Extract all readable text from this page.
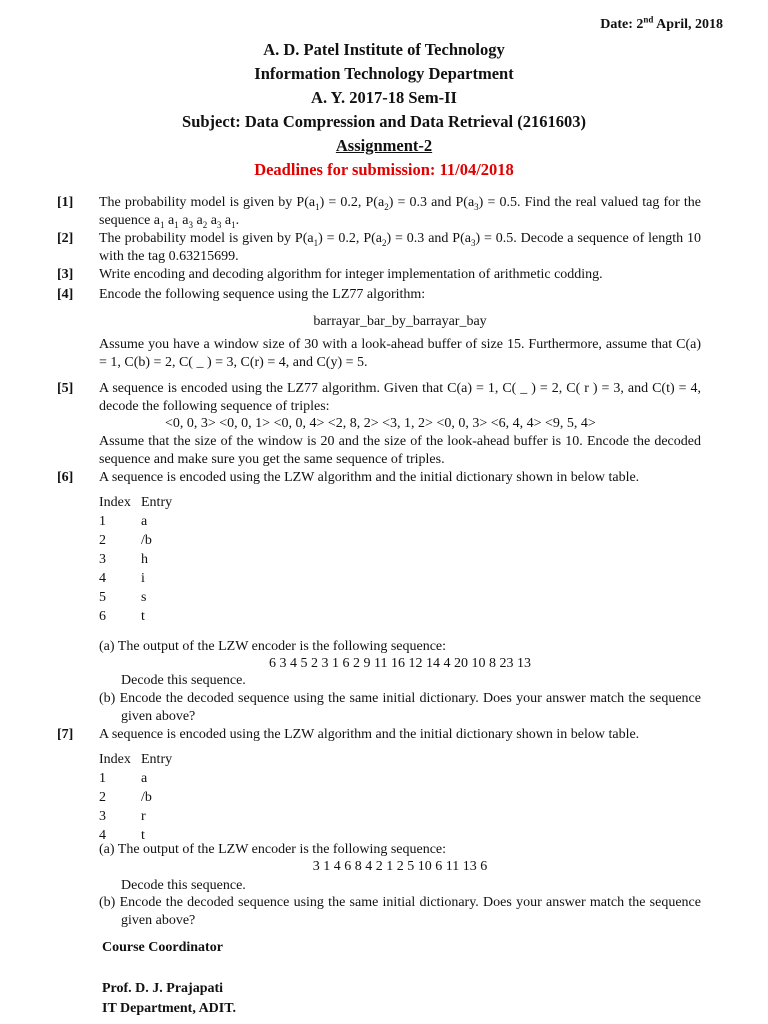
Date: 2nd April, 2018
A. D. Patel Institute of Technology
Information Technology Department
A. Y. 2017-18 Sem-II
Subject: Data Compression and Data Retrieval (2161603)
Assignment-2
Deadlines for submission: 11/04/2018
[1] The probability model is given by $P(a_1) = 0.2$, $P(a_2) = 0.3$ and $P(a_3) = 0.5$. Find the real valued tag for the sequence $a_1$ $a_1$ $a_3$ $a_2$ $a_3$ $a_1$.
[2] The probability model is given by $P(a_1) = 0.2$, $P(a_2) = 0.3$ and $P(a_3) = 0.5$. Decode a sequence of length 10 with the tag 0.63215699.
[3] Write encoding and decoding algorithm for integer implementation of arithmetic codding.
[4] Encode the following sequence using the LZ77 algorithm:
barrayar_bar_by_barrayar_bay
Assume you have a window size of 30 with a look-ahead buffer of size 15. Furthermore, assume that C(a) = 1, C(b) = 2, C( _ ) = 3, C(r) = 4, and C(y) = 5.
[5] A sequence is encoded using the LZ77 algorithm. Given that C(a) = 1, C( _ ) = 2, C( r ) = 3, and C(t) = 4, decode the following sequence of triples:
<0, 0, 3> <0, 0, 1> <0, 0, 4> <2, 8, 2> <3, 1, 2> <0, 0, 3> <6, 4, 4> <9, 5, 4>
Assume that the size of the window is 20 and the size of the look-ahead buffer is 10. Encode the decoded sequence and make sure you get the same sequence of triples.
[6] A sequence is encoded using the LZW algorithm and the initial dictionary shown in below table.
Index Entry
1	a
2	/b
3	h
4	i
5	s
6	t
(a) The output of the LZW encoder is the following sequence:
6 3 4 5 2 3 1 6 2 9 11 16 12 14 4 20 10 8 23 13
Decode this sequence.
(b) Encode the decoded sequence using the same initial dictionary. Does your answer match the sequence given above?
[7] A sequence is encoded using the LZW algorithm and the initial dictionary shown in below table.
Index Entry
1	a
2	/b
3	r
4	t
(a) The output of the LZW encoder is the following sequence:
3 1 4 6 8 4 2 1 2 5 10 6 11 13 6
Decode this sequence.
(b) Encode the decoded sequence using the same initial dictionary. Does your answer match the sequence given above?
Course Coordinator
Prof. D. J. Prajapati
IT Department, ADIT.
